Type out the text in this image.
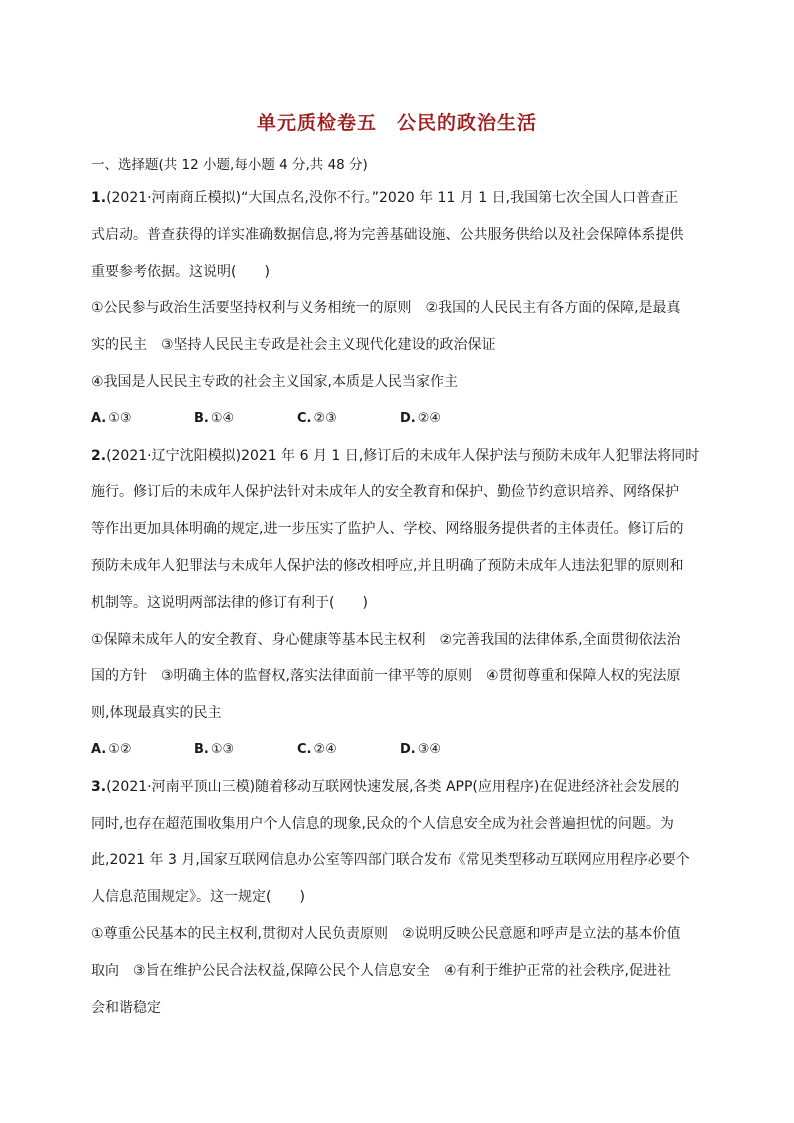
单元质检卷五　公民的政治生活
一、选择题(共 12 小题,每小题 4 分,共 48 分)
1.(2021·河南商丘模拟)“大国点名,没你不行。”2020 年 11 月 1 日,我国第七次全国人口普查正
式启动。普查获得的详实准确数据信息,将为完善基础设施、公共服务供给以及社会保障体系提供
重要参考依据。这说明(　　)
①公民参与政治生活要坚持权利与义务相统一的原则　②我国的人民民主有各方面的保障,是最真
实的民主　③坚持人民民主专政是社会主义现代化建设的政治保证
④我国是人民民主专政的社会主义国家,本质是人民当家作主
A. ①③	B. ①④	C. ②③	D. ②④
2.(2021·辽宁沈阳模拟)2021 年 6 月 1 日,修订后的未成年人保护法与预防未成年人犯罪法将同时
施行。修订后的未成年人保护法针对未成年人的安全教育和保护、勤俭节约意识培养、网络保护
等作出更加具体明确的规定,进一步压实了监护人、学校、网络服务提供者的主体责任。修订后的
预防未成年人犯罪法与未成年人保护法的修改相呼应,并且明确了预防未成年人违法犯罪的原则和
机制等。这说明两部法律的修订有利于(　　)
①保障未成年人的安全教育、身心健康等基本民主权利　②完善我国的法律体系,全面贯彻依法治
国的方针　③明确主体的监督权,落实法律面前一律平等的原则　④贯彻尊重和保障人权的宪法原
则,体现最真实的民主
A. ①②	B. ①③	C. ②④	D. ③④
3.(2021·河南平顶山三模)随着移动互联网快速发展,各类 APP(应用程序)在促进经济社会发展的
同时,也存在超范围收集用户个人信息的现象,民众的个人信息安全成为社会普遍担忧的问题。为
此,2021 年 3 月,国家互联网信息办公室等四部门联合发布《常见类型移动互联网应用程序必要个
人信息范围规定》。这一规定(　　)
①尊重公民基本的民主权利,贯彻对人民负责原则　②说明反映公民意愿和呼声是立法的基本价值
取向　③旨在维护公民合法权益,保障公民个人信息安全　④有利于维护正常的社会秩序,促进社
会和谐稳定
